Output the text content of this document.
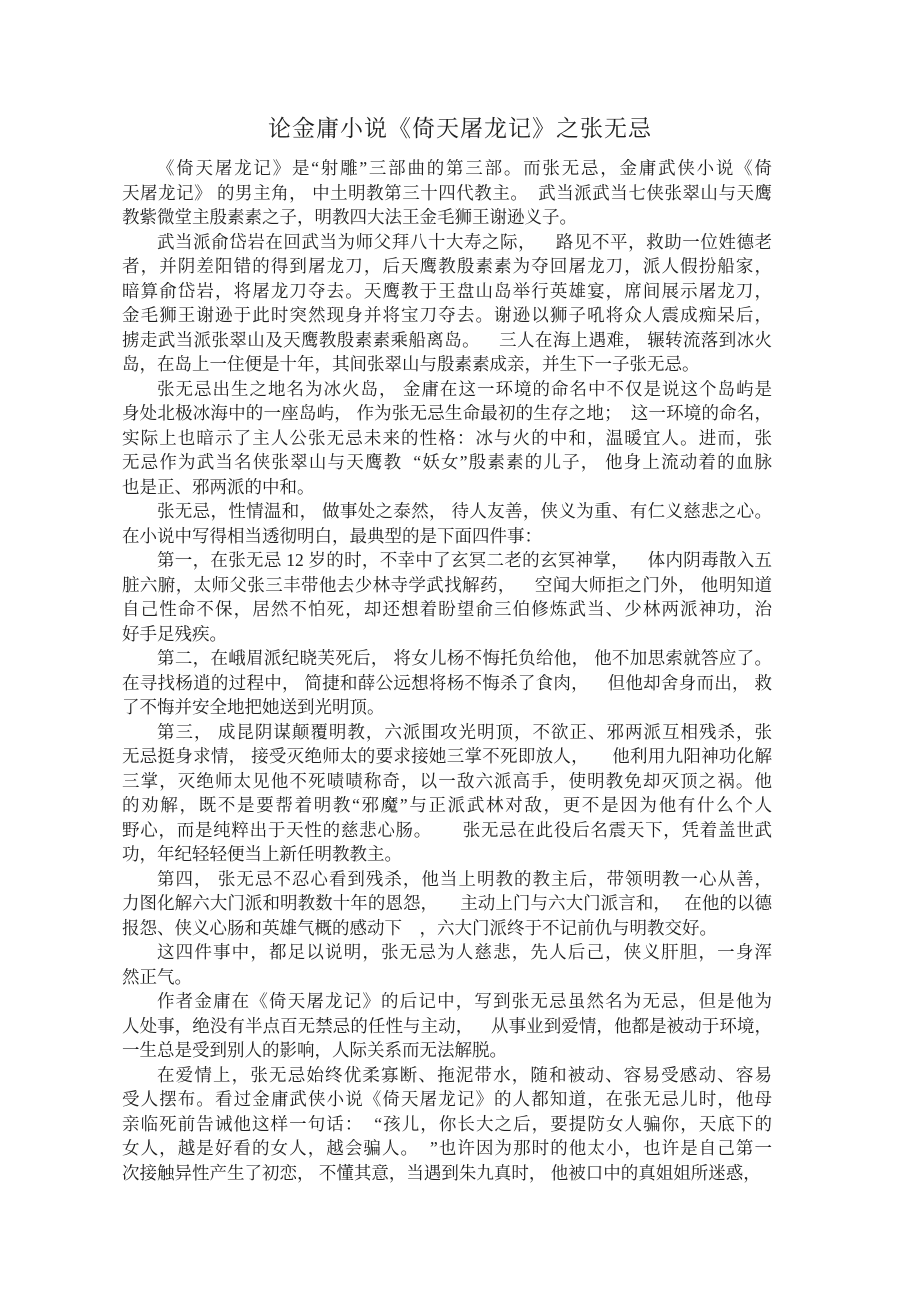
论金庸小说《倚天屠龙记》之张无忌
《倚天屠龙记》是“射雕”三部曲的第三部。而张无忌，金庸武侠小说《倚
天屠龙记》 的男主角， 中土明教第三十四代教主。  武当派武当七侠张翠山与天鹰
教紫微堂主殷素素之子，明教四大法王金毛狮王谢逊义子。
武当派俞岱岩在回武当为师父拜八十大寿之际，    路见不平，救助一位姓德老
者，并阴差阳错的得到屠龙刀，后天鹰教殷素素为夺回屠龙刀，派人假扮船家，
暗算俞岱岩，将屠龙刀夺去。天鹰教于王盘山岛举行英雄宴，席间展示屠龙刀，
金毛狮王谢逊于此时突然现身并将宝刀夺去。谢逊以狮子吼将众人震成痴呆后，
掳走武当派张翠山及天鹰教殷素素乘船离岛。    三人在海上遇难， 辗转流落到冰火
岛，在岛上一住便是十年，其间张翠山与殷素素成亲，并生下一子张无忌。
张无忌出生之地名为冰火岛， 金庸在这一环境的命名中不仅是说这个岛屿是
身处北极冰海中的一座岛屿， 作为张无忌生命最初的生存之地；  这一环境的命名，
实际上也暗示了主人公张无忌未来的性格：冰与火的中和，温暖宜人。进而，张
无忌作为武当名侠张翠山与天鹰教  “妖女”殷素素的儿子， 他身上流动着的血脉
也是正、邪两派的中和。
张无忌，性情温和， 做事处之泰然， 待人友善，侠义为重、有仁义慈悲之心。
在小说中写得相当透彻明白，最典型的是下面四件事：
第一，在张无忌 12 岁的时，不幸中了玄冥二老的玄冥神掌，    体内阴毒散入五
脏六腑，太师父张三丰带他去少林寺学武找解药，    空闻大师拒之门外， 他明知道
自己性命不保，居然不怕死，却还想着盼望俞三伯修炼武当、少林两派神功，治
好手足残疾。
第二，在峨眉派纪晓芙死后， 将女儿杨不悔托负给他， 他不加思索就答应了。
在寻找杨逍的过程中， 简捷和薛公远想将杨不悔杀了食肉，    但他却舍身而出， 救
了不悔并安全地把她送到光明顶。
第三， 成昆阴谋颠覆明教，六派围攻光明顶，不欲正、邪两派互相残杀，张
无忌挺身求情， 接受灭绝师太的要求接她三掌不死即放人，     他利用九阳神功化解
三掌，灭绝师太见他不死啧啧称奇，以一敌六派高手，使明教免却灭顶之祸。他
的劝解，既不是要帮着明教“邪魔”与正派武林对敌，更不是因为他有什么个人
野心，而是纯粹出于天性的慈悲心肠。      张无忌在此役后名震天下，凭着盖世武
功，年纪轻轻便当上新任明教教主。
第四， 张无忌不忍心看到残杀，他当上明教的教主后，带领明教一心从善，
力图化解六大门派和明教数十年的恩怨，     主动上门与六大门派言和，   在他的以德
报怨、侠义心肠和英雄气概的感动下    ，六大门派终于不记前仇与明教交好。
这四件事中，都足以说明，张无忌为人慈悲，先人后己，侠义肝胆，一身浑
然正气。
作者金庸在《倚天屠龙记》的后记中，写到张无忌虽然名为无忌，但是他为
人处事，绝没有半点百无禁忌的任性与主动，    从事业到爱情，他都是被动于环境，
一生总是受到别人的影响，人际关系而无法解脱。
在爱情上，张无忌始终优柔寡断、拖泥带水，随和被动、容易受感动、容易
受人摆布。看过金庸武侠小说《倚天屠龙记》的人都知道，在张无忌儿时，他母
亲临死前告诫他这样一句话：  “孩儿，你长大之后，要提防女人骗你，天底下的
女人，越是好看的女人，越会骗人。  ”也许因为那时的他太小，也许是自己第一
次接触异性产生了初恋， 不懂其意，当遇到朱九真时， 他被口中的真姐姐所迷惑，
